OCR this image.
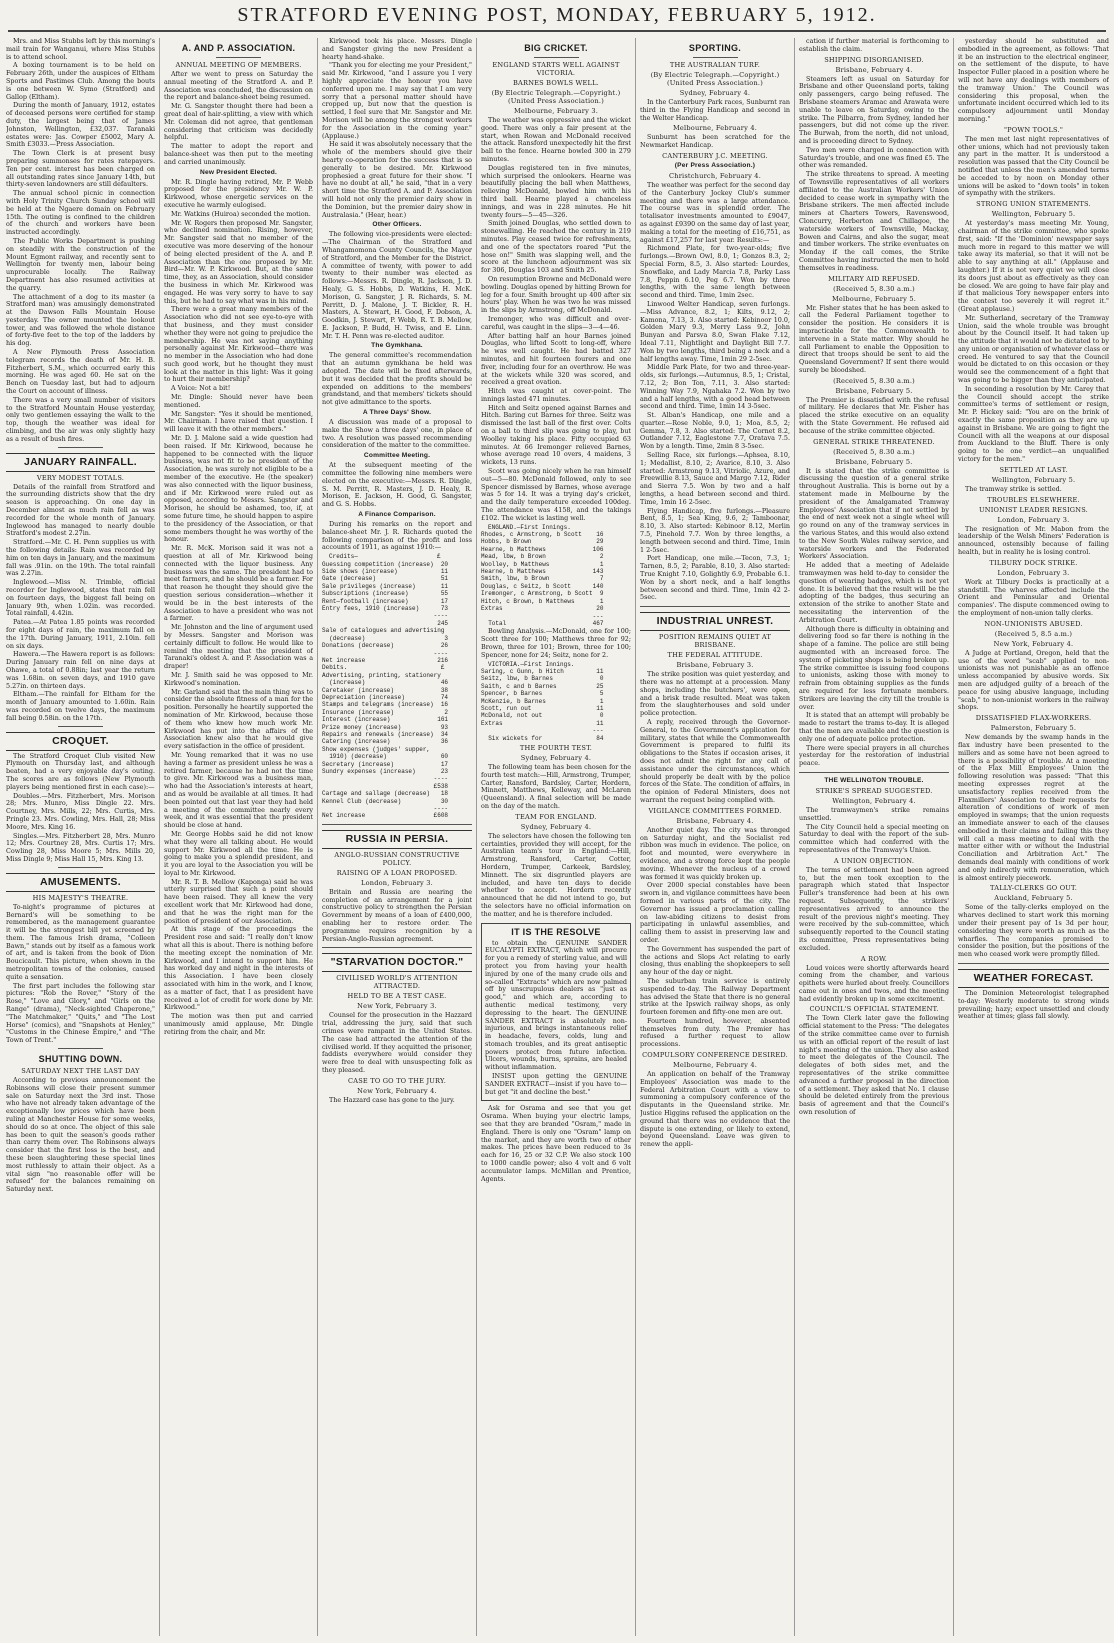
STRATFORD EVENING POST, MONDAY, FEBRUARY 5, 1912.

Mrs. and Miss Stubbs left by this morning's mail train for Wanganui, where Miss Stubbs is to attend school.

A boxing tournament is to be held on February 26th, under the auspices of Eltham Sports and Pastimes Club. Among the bouts is one between W. Symo (Stratford) and Gallop (Eltham).

During the month of January, 1912, estates of deceased persons were certified for stamp duty, the largest being that of James Johnston, Wellington, £32,037. Taranaki estates were: Jas. Cowper £5002, Mary A. Smith £3033.—Press Association.

The Town Clerk is at present busy preparing summonses for rates ratepayers. Ten per cent. interest has been charged on all outstanding rates since January 14th, but thirty-seven landowners are still defaulters.

The annual school picnic in connection with Holy Trinity Church Sunday school will be held at the Ngaere domain on February 15th. The outing is confined to the children of the church and workers have been instructed accordingly.

The Public Works Department is pushing on steadily with the construction of the Mount Egmont railway, and recently sent to Wellington for twenty men, labour being unprocurable locally. The Railway Department has also resumed activities at the quarry.

The attachment of a dog to its master (a Stratford man) was amusingly demonstrated at the Dawson Falls Mountain House yesterday. The owner mounted the lookout tower, and was followed the whole distance of forty-five feet to the top of the ladders by his dog.

A New Plymouth Press Association telegram records the death of Mr. H. B. Fitzherbert, S.M., which occurred early this morning. He was aged 60. He sat on the Bench on Tuesday last, but had to adjourn the Court on account of illness.

There was a very small number of visitors to the Stratford Mountain House yesterday, only two gentlemen essaying the walk to the top, though the weather was ideal for climbing, and the air was only slightly hazy as a result of bush fires.

JANUARY RAINFALL.
VERY MODEST TOTALS.

Details of the rainfall from Stratford and the surrounding districts show that the dry season is approaching. On one day in December almost as much rain fell as was recorded for the whole month of January. Inglewood has managed to nearly double Stratford's modest 2.27in.

Stratford.—Mr. C. H. Penn supplies us with the following details: Rain was recorded by him on ten days in January, and the maximum fall was .91in. on the 19th. The total rainfall was 2.27in.

Inglewood.—Miss N. Trimble, official recorder for Inglewood, states that rain fell on fourteen days, the biggest fall being on January 9th, when 1.02in. was recorded. Total rainfall, 4.42in.

Patea.—At Patea 1.85 points was recorded for eight days of rain, the maximum fall on the 17th. During January, 1911, 2.10in. fell on six days.

Hawera.—The Hawera report is as follows: During January rain fell on nine days at Ohawe, a total of 0.88in; last year the return was 1.68in. on seven days, and 1910 gave 5.27in. on thirteen days.

Eltham.—The rainfall for Eltham for the month of January amounted to 1.60in. Rain was recorded on twelve days, the maximum fall being 0.58in. on the 17th.

CROQUET.

The Stratford Croquet Club visited New Plymouth on Thursday last, and although beaten, had a very enjoyable day's outing. The scores are as follows (New Plymouth players being mentioned first in each case):—

Doubles.—Mrs. Fitzherbert, Mrs. Morison 28; Mrs. Munro, Miss Dingle 22. Mrs. Courtney, Mrs. Mills, 22; Mrs. Curtis, Mrs. Pringle 23. Mrs. Cowling, Mrs. Hall, 28; Miss Moore, Mrs. King 16.

Singles.—Mrs. Fitzherbert 28, Mrs. Munro 12; Mrs. Courtney 28, Mrs. Curtis 17; Mrs. Cowling 28, Miss Moore 5; Mrs. Mills 20, Miss Dingle 9; Miss Hall 15, Mrs. King 13.

AMUSEMENTS.
HIS MAJESTY'S THEATRE.

To-night's programme of pictures at Bernard's will be something to be remembered, as the management guarantee it will be the strongest bill yet screened by them. The famous Irish drama, "Colleen Bawn," stands out by itself as a famous work of art, and is taken from the book of Dion Boucicault. This picture, when shown in the metropolitan towns of the colonies, caused quite a sensation.

The first part includes the following star pictures: "Rob the Rover," "Story of the Rose," "Love and Glory," and "Girls on the Range" (drama), "Neck-sighted Chaperone," "The Matchmaker," "Quits," and "The Lost Horse" (comics), and "Snapshots at Henley," "Customs in the Chinese Empire," and "The Town of Trent."

SHUTTING DOWN.
SATURDAY NEXT THE LAST DAY

According to previous announcement the Robinsons will close their present summer sale on Saturday next the 3rd inst. Those who have not already taken advantage of the exceptionally low prices which have been ruling at Manchester House for some weeks, should do so at once. The object of this sale has been to quit the season's goods rather than carry them over. The Robinsons always consider that the first loss is the best, and these been slaughtering these special lines most ruthlessly to attain their object. As a vital sign "no reasonable offer will be refused" for the balances remaining on Saturday next.

A. AND P. ASSOCIATION.
ANNUAL MEETING OF MEMBERS.

After we went to press on Saturday the annual meeting of the Stratford A. and P. Association was concluded, the discussion on the report and balance-sheet being resumed.

Mr. G. Sangster thought there had been a great deal of hair-splitting, a view with which Mr. Coleman did not agree, that gentleman considering that criticism was decidedly helpful.

The matter to adopt the report and balance-sheet was then put to the meeting and carried unanimously.

New President Elected.

Mr. R. Dingle having retired, Mr. P. Webb proposed for the presidency Mr. W. P. Kirkwood, whose energetic services on the executive he warmly eulogised.

Mr. Watkins (Huiroa) seconded the motion.

Mr. W. Rogers then proposed Mr. Sangster, who declined nomination. Rising, however, Mr. Sangster said that no member of the executive was more deserving of the honour of being elected president of the A. and P. Association than the one proposed by Mr. Bird—Mr. W. P. Kirkwood. But, at the same time, they, as an Association, should consider the business in which Mr. Kirkwood was engaged. He was very sorry to have to say this, but he had to say what was in his mind.

There were a great many members of the Association who did not see eye-to-eye with that business, and they must consider whether they were not going to prejudice the membership. He was not saying anything personally against Mr. Kirkwood—there was no member in the Association who had done such good work, but he thought they must look at the matter in this light: Was it going to hurt their membership?

A Voice: Not a bit!

Mr. Dingle: Should never have been mentioned.

Mr. Sangster: "Yes it should be mentioned, Mr. Chairman. I have raised that question. I will leave it with the other members."

Mr. D. J. Malone said a wide question had been raised. If Mr. Kirkwood, because he happened to be connected with the liquor business, was not fit to be president of the Association, he was surely not eligible to be a member of the executive. He (the speaker) was also connected with the liquor business, and if Mr. Kirkwood were ruled out as opposed, according to Messrs. Sangster and Morison, he should be ashamed, too, if, at some future time, he should happen to aspire to the presidency of the Association, or that some members thought he was worthy of the honour.

Mr. R. McK. Morison said it was not a question at all of Mr. Kirkwood being connected with the liquor business. Any business was the same. The president had to meet farmers, and he should be a farmer. For that reason he thought they should give the question serious consideration—whether it would be in the best interests of the Association to have a president who was not a farmer.

Mr. Johnston and the line of argument used by Messrs. Sangster and Morison was certainly difficult to follow. He would like to remind the meeting that the president of Taranaki's oldest A. and P. Association was a draper!

Mr. J. Smith said he was opposed to Mr. Kirkwood's nomination.

Mr. Garland said that the main thing was to consider the absolute fitness of a man for the position. Personally he heartily supported the nomination of Mr. Kirkwood, because those of them who knew how much work Mr. Kirkwood has put into the affairs of the Association knew also that he would give every satisfaction in the office of president.

Mr. Young remarked that it was no use having a farmer as president unless he was a retired farmer, because he had not the time to give. Mr. Kirkwood was a business man, who had the Association's interests at heart, and as would be available at all times. It had been pointed out that last year they had held a meeting of the committee nearly every week, and it was essential that the president should be close at hand.

Mr. George Hobbs said he did not know what they were all talking about. He would support Mr. Kirkwood all the time. He is going to make you a splendid president, and it you are loyal to the Association you will be loyal to Mr. Kirkwood.

Mr. R. T. B. Mellow (Kaponga) said he was utterly surprised that such a point should have been raised. They all knew the very excellent work that Mr. Kirkwood had done, and that he was the right man for the position of president of our Association.

At this stage of the proceedings the President rose and said: "I really don't know what all this is about. There is nothing before the meeting except the nomination of Mr. Kirkwood, and I intend to support him. He has worked day and night in the interests of this Association. I have been closely associated with him in the work, and I know, as a matter of fact, that I as president have received a lot of credit for work done by Mr. Kirkwood."

The motion was then put and carried unanimously amid applause, Mr. Dingle retiring from the chair, and Mr.

Kirkwood took his place. Messrs. Dingle and Sangster giving the new President a hearty hand-shake.

"Thank you for electing me your President," said Mr. Kirkwood, "and I assure you I very highly appreciate the honour you have conferred upon me. I may say that I am very sorry that a personal matter should have cropped up, but now that the question is settled, I feel sure that Mr. Sangster and Mr. Morison will be among the strongest workers for the Association in the coming year." (Applause.)

He said it was absolutely necessary that the whole of the members should give their hearty co-operation for the success that is so generally to be desired. Mr. Kirkwood prophesied a great future for their show. "I have no doubt at all," he said, "that in a very short time the Stratford A. and P. Association will hold not only the premier dairy show in the Dominion, but the premier dairy show in Australasia." (Hear, hear.)

Other Officers.

The following vice-presidents were elected:—The Chairman of the Stratford and Whangamomona County Councils, the Mayor of Stratford, and the Member for the District. A committee of twenty, with power to add twenty to their number was elected as follows:—Messrs. R. Dingle, R. Jackson, J. D. Healy, G. S. Hobbs, D. Watkins, H. McK. Morison, G. Sangster, J. R. Richards, S. M. Perritt, D. J. Malone, J. T. Bickler, R. H. Masters, A. Stewart, H. Good, F. Dobson, A. Goodkin, J. Stewart, P. Webb, R. T. B. Mellow, E. Jackson, P. Budd, H. Twiss, and E. Linn. Mr. T. H. Penn was re-elected auditor.

The Gymkhana.

The general committee's recommendation that an autumn gymkhana be held was adopted. The date will be fixed afterwards, but it was decided that the profits should be expended on additions to the members' grandstand, and that members' tickets should not give admittance to the sports.

A Three Days' Show.

A discussion was made of a proposal to make the Show a three days' one, in place of two. A resolution was passed recommending consideration of the matter to the committee.

Committee Meeting.

At the subsequent meeting of the committee the following nine members were elected on the executive:—Messrs. R. Dingle, S. M. Perritt, R. Masters, J. D. Healy, R. Morison, E. Jackson, H. Good, G. Sangster, and G. S. Hobbs.

A Finance Comparison.

During his remarks on the report and balance-sheet Mr. J. R. Richards quoted the following comparison of the profit and loss accounts of 1911, as against 1910:—

Credits—                      £
Guessing competition (increase)  20
Side shows (increase)            11
Gate (decrease)                  51
Sale privileges (increase)       11
Subscriptions (increase)         55
Rent—football (increase)         17
Entry fees, 1910 (increase)      73
----
245
Sale of catalogues and advertising
(decrease)                      3
Donations (decrease)             26
----
Net increase                    216
Debits.                          £
Advertising, printing, stationery
(increase)                     46
Caretaker (increase)             38
Depreciation (increase)          74
Stamps and telegrams (increase)  16
Insurance (increase)              2
Interest (increase)             161
Prize money (increase)           93
Repairs and renewals (increase)  34
Catering (increase)              36
Show expenses (judges' supper,
1910) (decrease)               60
Secretary (increase)             17
Sundry expenses (increase)       23
----
£538
Cartage and sallage (decrease)   18
Kennel Club (decrease)           30
----
Net increase                   £608

RUSSIA IN PERSIA.
ANGLO-RUSSIAN CONSTRUCTIVE POLICY.
RAISING OF A LOAN PROPOSED.
London, February 3.

Britain and Russia are nearing the completion of an arrangement for a joint constructive policy to strengthen the Persian Government by means of a loan of £400,000, enabling her to restore order. The programme requires recognition by a Persian-Anglo-Russian agreement.

"STARVATION DOCTOR."
CIVILISED WORLD'S ATTENTION ATTRACTED.
HELD TO BE A TEST CASE.
New York, February 3.

Counsel for the prosecution in the Hazzard trial, addressing the jury, said that such crimes were rampant in the United States. The case had attracted the attention of the civilised world. If they acquitted the prisoner, faddists everywhere would consider they were free to deal with unsuspecting folk as they pleased.

CASE TO GO TO THE JURY.
New York, February 4.

The Hazzard case has gone to the jury.

BIG CRICKET.
ENGLAND STARTS WELL AGAINST VICTORIA.
BARNES BOWLS WELL.
(By Electric Telegraph.—Copyright.) (United Press Association.)
Melbourne, February 3.

The weather was oppressive and the wicket good. There was only a fair present at the start, when Rowan and McDonald received the attack. Ransford unexpectedly hit the first ball to the fence. Hearne bowled 300 in 279 minutes.

Douglas registered ten in five minutes, which surprised the onlookers. Hearne was beautifully placing the ball when Matthews, relieving McDonald, bowled him with his third ball. Hearne played a chanceless innings, and was in 228 minutes. He hit twenty fours—5—45—326.

Smith joined Douglas, who settled down to stonewalling. He reached the century in 219 minutes. Play ceased twice for refreshments, and one of the spectators roared "Put the hose on!" Smith was slapping well, and the score at the luncheon adjournment was six for 306, Douglas 103 and Smith 25.

On resumption Browne and McDonald were bowling. Douglas opened by hitting Brown for leg for a four. Smith brought up 400 after six hours' play. When he was two he was missed in the slips by Armstrong, off McDonald.

Iremonger, who was difficult and over-careful, was caught in the slips—3—4—46.

After batting half an hour Barnes joined Douglas, who lifted Scott to long-off, where he was well caught. He had batted 327 minutes, and hit fourteen fourers and one fiver, including four for an overthrow. He was at the wickets while 320 was scored, and received a great ovation.

Hitch was caught at cover-point. The innings lasted 471 minutes.

Hitch and Seitz opened against Barnes and Hitch. Baring cut Barnes for three. Seitz was dismissed the last ball of the first over. Colts on a ball to third slip was going to play, but Woolley taking his place. Fifty occupied 63 minutes. At 66 Iremonger relieved Barnes, whose average read 10 overs, 4 maidens, 3 wickets, 13 runs.

Scott was going nicely when he ran himself out—5—80. McDonald followed, only to see Spencer dismissed by Barnes, whose average was 5 for 14. It was a trying day's cricket, and the daily temperature exceeded 100deg. The attendance was 4158, and the takings £102. The wicket is lasting well.

ENGLAND.—First Innings.
Rhodes, c Armstrong, b Scott    16
Hobbs, b Brown                  29
Hearne, b Matthews             106
Mead, lbw, b Brown               2
Woolley, b Matthews              1
Hearne, b Matthews             143
Smith, lbw, b Brown              7
Douglas, c Seitz, b Scott      140
Iremonger, c Armstrong, b Scott  9
Hitch, c Brown, b Matthews       1
Extras                          20
---
Total                        467

Bowling Analysis.—McDonald, one for 100; Scott three for 100; Matthews three for 92; Brown, three for 101; Brown, three for 100; Spencer, none for 24; Seitz, none for 2.

VICTORIA.—First Innings.
Saring, c Gunn, b Hitch         11
Seitz, lbw, b Barnes             0
Saith, c and b Barnes           25
Spencer, b Barnes                5
McKenzie, b Barnes               1
Scott, run out                  11
McDonald, not out                0
Extras                          11
---
Six wickets for               84

THE FOURTH TEST.
Sydney, February 4.

The following team has been chosen for the fourth test match:—Hill, Armstrong, Trumper, Carter, Ransford, Bardsley, Carter, Hordern, Minnett, Matthews, Kelleway, and McLaren (Queensland). A final selection will be made on the day of the match.

TEAM FOR ENGLAND.
Sydney, February 4.

The selectors have chosen the following ten certainties, provided they will accept, for the Australian team's tour in England:—Hill, Armstrong, Ransford, Carter, Cotter, Hordern, Trumper, Carkeek, Bardsley, Minnett. The six disgruntled players are included, and have ten days to decide whether to accept. Hordern recently announced that he did not intend to go, but the selectors have no official information on the matter, and he is therefore included.

IT IS THE RESOLVE

to obtain the GENUINE SANDER EUCALYPTI EXTRACT, which will procure for you a remedy of sterling value, and will protect you from having your health injured by one of the many crude oils and so-called "Extracts" which are now palmed off by unscrupulous dealers as "just as good," and which are, according to authentic medical testimony, very depressing to the heart. The GENUINE SANDER EXTRACT is absolutely non-injurious, and brings instantaneous relief in headache, fevers, colds, lung and stomach troubles, and its great antiseptic powers protect from future infection. Ulcers, wounds, burns, sprains, are healed without inflammation.

INSIST upon getting the GENUINE SANDER EXTRACT—insist if you have to—but get "it and decline the best."

Ask for Osrama and see that you get Osrama. When buying your electric lamps, see that they are branded "Osram," made in England. There is only one "Osram" lamp on the market, and they are worth two of other makes. The prices have been reduced to 3s each for 16, 25 or 32 C.P. We also stock 100 to 1000 candle power; also 4 volt and 6 volt accumulator lamps. McMillan and Prentice, Agents.

SPORTING.
THE AUSTRALIAN TURF.
(By Electric Telegraph.—Copyright.) (United Press Association.)
Sydney, February 4.

In the Canterbury Park races, Sunburnt ran third in the Flying Handicap and second in the Welter Handicap.

Melbourne, February 4.

Sunburnt has been scratched for the Newmarket Handicap.

CANTERBURY J.C. MEETING.
(Per Press Association.)
Christchurch, February 4.

The weather was perfect for the second day of the Canterbury Jockey Club's summer meeting and there was a large attendance. The course was in splendid order. The totalisator investments amounted to £9047, as against £9390 on the same day of last year, making a total for the meeting of £16,751, as against £17,257 for last year. Results:—

Richmond Plate, for two-year-olds; five furlongs.—Brown Owl, 8.0, 1; Gonzos 8.3, 2; Special Form, 8.5, 3. Also started: Lourdes, Snowflake, and Lady Marcia 7.8, Parky Lass 7.8, Peppin 6.10, Peg 6.7. Won by three lengths, with the same length between second and third. Time, 1min 2sec.

Linwood Welter Handicap, seven furlongs.—Miss Advance, 8.2, 1; Kilts, 9.12, 2; Kamona, 7.13, 3. Also started: Kebinoor 10.0, Golden Mary 9.3, Merry Lass 9.2, John Bunyan and Parsva 8.0, Swan Flake 7.12, Ideal 7.11, Nightlight and Daylight Bill 7.7. Won by two lengths, third being a neck and a half lengths away. Time, 1min 29 2-5sec.

Middle Park Plate, for two and three-year-olds, six furlongs.—Autumnus, 8.5, 1; Cristal, 7.12, 2; Bon Ton, 7.11, 3. Also started: Winning Way 7.9, Ngahaka 7.2. Won by two and a half lengths, with a good head between second and third. Time, 1min 14 3-5sec.

St. Alban's Handicap, one mile and a quarter.—Rose Noble, 9.0, 1; Moa, 8.5, 2; Gemma, 7.8, 3. Also started: The Cornet 8.2, Outlander 7.12, Eaglestone 7.7, Oratava 7.5. Won by a length. Time, 2min 8 3-5sec.

Selling Race, six furlongs.—Aphsea, 8.10, 1; Medallist, 8.10, 2; Avarice, 8.10, 3. Also started: Armstrong 9.13, Vitriolic, Azure, and Freewillie 8.13, Sauce and Margo 7.12, Rider and Sierra 7.5. Won by two and a half lengths, a head between second and third. Time, 1min 16 2-5sec.

Flying Handicap, five furlongs.—Pleasure Bent, 8.5, 1; Sea King, 9.6, 2; Tamboonar, 8.10, 3. Also started: Kebinoor 8.12, Merlin 7.5, Pinehold 7.7. Won by three lengths, a length between second and third. Time, 1min 1 2-5sec.

Port Handicap, one mile.—Tecon, 7.3, 1; Tarnen, 8.5, 2; Parable, 8.10, 3. Also started: True Knight 7.10, Golightly 6.9, Probable 6.1. Won by a short neck, and a half lengths between second and third. Time, 1min 42 2-5sec.

INDUSTRIAL UNREST.
POSITION REMAINS QUIET AT BRISBANE.
THE FEDERAL ATTITUDE.
Brisbane, February 3.

The strike position was quiet yesterday, and there was no attempt at a procession. Many shops, including the butchers', were open, and a brisk trade resulted. Meat was taken from the slaughterhouses and sold under police protection.

A reply, received through the Governor-General, to the Government's application for military, states that while the Commonwealth Government is prepared to fulfil its obligations to the States if occasion arises, it does not admit the right for any call of assistance under the circumstances, which should properly be dealt with by the police forces of the State. The condition of affairs, in the opinion of Federal Ministers, does not warrant the request being complied with.

VIGILANCE COMMITTEES FORMED.
Brisbane, February 4.

Another quiet day. The city was thronged on Saturday night, and the Socialist red ribbon was much in evidence. The police, on foot and mounted, were everywhere in evidence, and a strong force kept the people moving. Whenever the nucleus of a crowd was formed it was quickly broken up.

Over 2000 special constables have been sworn in, and vigilance committees have been formed in various parts of the city. The Governor has issued a proclamation calling on law-abiding citizens to desist from participating in unlawful assemblies, and calling them to assist in preserving law and order.

The Government has suspended the part of the actions and Slops Act relating to early closing, thus enabling the shopkeepers to sell any hour of the day or night.

The suburban train service is entirely suspended to-day. The Railway Department has advised the State that there is no general strike at the Ipswich railway shops, as only fourteen foremen and fifty-one men are out.

Fourteen hundred, however, absented themselves from duty. The Premier has refused a further request to allow processions.

COMPULSORY CONFERENCE DESIRED.
Melbourne, February 4.

An application on behalf of the Tramway Employees' Association was made to the Federal Arbitration Court with a view to summoning a compulsory conference of the disputants in the Queensland strike. Mr. Justice Higgins refused the application on the ground that there was no evidence that the dispute is one extending, or likely to extend, beyond Queensland. Leave was given to renew the appli-

cation if further material is forthcoming to establish the claim.

SHIPPING DISORGANISED.
Brisbane, February 4.

Steamers left as usual on Saturday for Brisbane and other Queensland ports, taking only passengers, cargo being refused. The Brisbane steamers Aramac and Arawata were unable to leave on Saturday, owing to the strike. The Pilbarra, from Sydney, landed her passengers, but did not come up the river. The Burwah, from the north, did not unload, and is proceeding direct to Sydney.

Two men were charged in connection with Saturday's trouble, and one was fined £5. The other was remanded.

The strike threatens to spread. A meeting of Townsville representatives of all workers affiliated to the Australian Workers' Union decided to cease work in sympathy with the Brisbane strikers. The men affected include miners at Charters Towers, Ravenswood, Cloncurry, Herberton and Chillagoe, the waterside workers of Townsville, Mackay, Bowen and Cairns, and also the sugar, meat and timber workers. The strike eventuates on Monday if the call comes, the Strike Committee having instructed the men to hold themselves in readiness.

MILITARY AID REFUSED.
(Received 5, 8.30 a.m.)
Melbourne, February 5.

Mr. Fisher states that he has been asked to call the Federal Parliament together to consider the position. He considers it is impracticable for the Commonwealth to intervene in a State matter. Why should he call Parliament to enable the Opposition to direct that troops should be sent to aid the Queensland Government? If sent there would surely be bloodshed.

(Received 5, 8.30 a.m.)
Brisbane, February 5.

The Premier is dissatisfied with the refusal of military. He declares that Mr. Fisher has placed the strike executive on an equality with the State Government. He refused aid because of the strike committee objected.

GENERAL STRIKE THREATENED.
(Received 5, 8.30 a.m.)
Brisbane, February 5.

It is stated that the strike committee is discussing the question of a general strike throughout Australia. This is borne out by a statement made in Melbourne by the president of the Amalgamated Tramway Employees' Association that if not settled by the end of next week not a single wheel will go round on any of the tramway services in the various States, and this would also extend to the New South Wales railway service, and waterside workers and the Federated Workers' Association.

He added that a meeting of Adelaide tramwaymen was held to-day to consider the question of wearing badges, which is not yet done. It is believed that the result will be the adopting of the badges, thus securing an extension of the strike to another State and necessitating the intervention of the Arbitration Court.

Although there is difficulty in obtaining and delivering food so far there is nothing in the shape of a famine. The police are still being augmented with an increased force. The system of picketing shops is being broken up. The strike committee is issuing food coupons to unionists, asking those with money to refrain from obtaining supplies as the funds are required for less fortunate members. Strikers are leaving the city till the trouble is over.

It is stated that an attempt will probably be made to restart the trams to-day. It is alleged that the men are available and the question is only one of adequate police protection.

There were special prayers in all churches yesterday for the restoration of industrial peace.

THE WELLINGTON TROUBLE.
STRIKE'S SPREAD SUGGESTED.
Wellington, February 4.

The tramwaymen's strike remains unsettled.

The City Council held a special meeting on Saturday to deal with the report of the sub-committee which had conferred with the representatives of the Tramway's Union.

A UNION OBJECTION.

The terms of settlement had been agreed to, but the men took exception to the paragraph which stated that Inspector Fuller's transference had been at his own request. Subsequently, the strikers' representatives arrived to announce the result of the previous night's meeting. They were received by the sub-committee, which subsequently reported to the Council stating its committee, Press representatives being excluded.

A ROW.

Loud voices were shortly afterwards heard coming from the chamber, and various epithets were hurled about freely. Councillors came out in ones and twos, and the meeting had evidently broken up in some excitement.

COUNCIL'S OFFICIAL STATEMENT.

The Town Clerk later gave the following official statement to the Press: "The delegates of the strike committee came over to furnish us with an official report of the result of last night's meeting of the union. They also asked to meet the delegates of the Council. The delegates of both sides met, and the representatives of the strike committee advanced a further proposal in the direction of a settlement. They asked that No. 1 clause should be deleted entirely from the previous basis of agreement and that the Council's own resolution of

yesterday should be substituted and embodied in the agreement, as follows: 'That it be an instruction to the electrical engineer, on the settlement of the dispute, to have Inspector Fuller placed in a position where he will not have any dealings with members of the tramway Union.' The Council was considering this proposal, when the unfortunate incident occurred which led to its compulsory adjournment until Monday morning."

"POWN TOOLS."

The men met last night representatives of other unions, which had not previously taken any part in the matter. It is understood a resolution was passed that the City Council be notified that unless the men's amended terms be acceded to by noon on Monday other unions will be asked to "down tools" in token of sympathy with the strikers.

STRONG UNION STATEMENTS.
Wellington, February 5.

At yesterday's mass meeting Mr. Young, chairman of the strike committee, who spoke first, said: "If the 'Dominion' newspaper says much more in regard to this matter we will take away its material, so that it will not be able to say anything at all." (Applause and laughter.) If it is not very quiet we will close its doors just about as effectively as they can be closed. We are going to have fair play and if that malicious Tory newspaper enters into the contest too severely it will regret it." (Great applause.)

Mr. Sutherland, secretary of the Tramway Union, said the whole trouble was brought about by the Council itself. It had taken up the attitude that it would not be dictated to by any union or organisation of whatever class or creed. He ventured to say that the Council would be dictated to on this occasion or they would see the commencement of a fight that was going to be bigger than they anticipated.

In seconding a resolution by Mr. Carey that the Council should accept the strike committee's terms of settlement or resign, Mr. P. Hickey said: "You are on the brink of exactly the same proposition as they are up against in Brisbane. We are going to fight the Council with all the weapons at our disposal from Auckland to the Bluff. There is only going to be one verdict—an unqualified victory for the men."

SETTLED AT LAST.
Wellington, February 5.

The tramway strike is settled.

TROUBLES ELSEWHERE.
UNIONIST LEADER RESIGNS.
London, February 3.

The resignation of Mr. Mabon from the leadership of the Welsh Miners' Federation is announced, ostensibly because of failing health, but in reality he is losing control.

TILBURY DOCK STRIKE.
London, February 3.

Work at Tilbury Docks is practically at a standstill. The wharves affected include the Orient and Peninsular and Oriental companies'. The dispute commenced owing to the employment of non-union tally clerks.

NON-UNIONISTS ABUSED.
(Received 5, 8.5 a.m.)
New York, February 4.

A Judge at Portland, Oregon, held that the use of the word "scab" applied to non-unionists was not punishable as an offence unless accompanied by abusive words. Six men are adjudged guilty of a breach of the peace for using abusive language, including "scab," to non-unionist workers in the railway shops.

DISSATISFIED FLAX-WORKERS.
Palmerston, February 5.

New demands by the swamp hands in the flax industry have been presented to the millers and as some have not been agreed to there is a possibility of trouble. At a meeting of the Flax Mill Employees' Union the following resolution was passed: "That this meeting expresses regret at the unsatisfactory replies received from the Flaxmillers' Association to their requests for alteration of conditions of work of men employed in swamps; that the union requests an immediate answer to each of the clauses embodied in their claims and failing this they will call a mass meeting to deal with the matter either with or without the Industrial Conciliation and Arbitration Act." The demands deal mainly with conditions of work and only indirectly with remuneration, which is almost entirely piecework.

TALLY-CLERKS GO OUT.
Auckland, February 5.

Some of the tally-clerks employed on the wharves declined to start work this morning under their present pay of 1s 3d per hour, considering they were worth as much as the wharfies. The companies promised to consider the position, but the positions of the men who ceased work were promptly filled.

WEATHER FORECAST.

The Dominion Meteorologist telegraphed to-day: Westerly moderate to strong winds prevailing; hazy; expect unsettled and cloudy weather at times; glass fall slowly.
